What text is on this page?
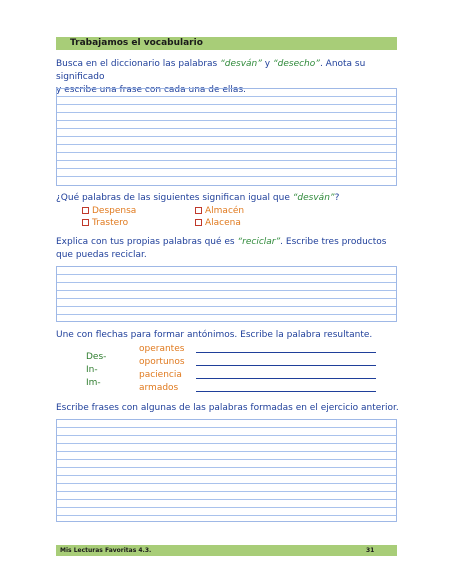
Trabajamos el vocabulario
Busca en el diccionario las palabras “desván” y “desecho”. Anota su significado
y escribe una frase con cada una de ellas.
¿Qué palabras de las siguientes significan igual que “desván”?
Despensa	Almacén
Trastero	Alacena
Explica con tus propias palabras qué es “reciclar”. Escribe tres productos
que puedas reciclar.
Une con flechas para formar antónimos. Escribe la palabra resultante.
Des-
In-
Im-
operantes
oportunos
paciencia
armados
Escribe frases con algunas de las palabras formadas en el ejercicio anterior.
Mis Lecturas Favoritas 4.3.	31
